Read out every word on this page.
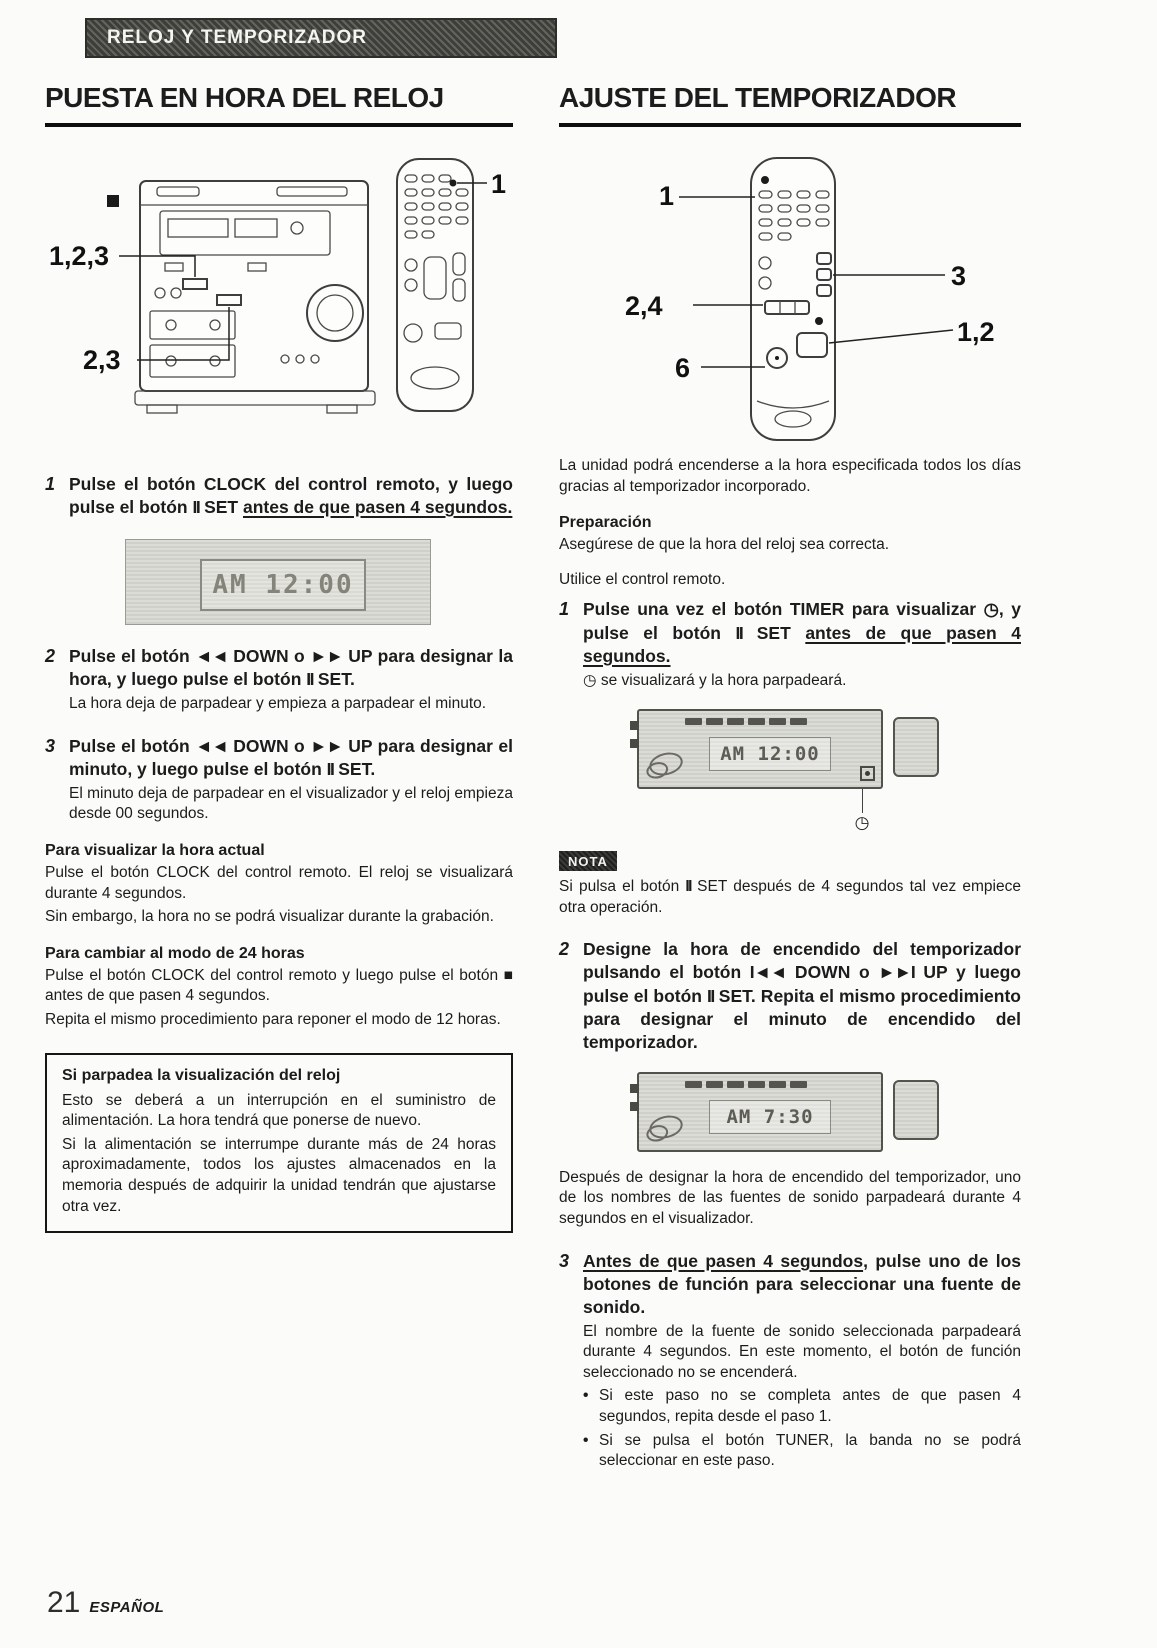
RELOJ Y TEMPORIZADOR
PUESTA EN HORA DEL RELOJ
1
1,2,3
2,3
1 Pulse el botón CLOCK del control remoto, y luego pulse el botón II SET antes de que pasen 4 segundos.
AM 12:00
2 Pulse el botón ◄◄ DOWN o ►► UP para designar la hora, y luego pulse el botón II SET.
La hora deja de parpadear y empieza a parpadear el minuto.
3 Pulse el botón ◄◄ DOWN o ►► UP para designar el minuto, y luego pulse el botón II SET.
El minuto deja de parpadear en el visualizador y el reloj empieza desde 00 segundos.
Para visualizar la hora actual

Pulse el botón CLOCK del control remoto. El reloj se visualizará durante 4 segundos.

Sin embargo, la hora no se podrá visualizar durante la grabación.

Para cambiar al modo de 24 horas

Pulse el botón CLOCK del control remoto y luego pulse el botón ■ antes de que pasen 4 segundos.

Repita el mismo procedimiento para reponer el modo de 12 horas.

Si parpadea la visualización del reloj

Esto se deberá a un interrupción en el suministro de alimentación. La hora tendrá que ponerse de nuevo.

Si la alimentación se interrumpe durante más de 24 horas aproximadamente, todos los ajustes almacenados en la memoria después de adquirir la unidad tendrán que ajustarse otra vez.

AJUSTE DEL TEMPORIZADOR
1
2,4
3
1,2
6

La unidad podrá encenderse a la hora especificada todos los días gracias al temporizador incorporado.

Preparación

Asegúrese de que la hora del reloj sea correcta.

Utilice el control remoto.

1 Pulse una vez el botón TIMER para visualizar ◷, y pulse el botón II SET antes de que pasen 4 segundos.
◷ se visualizará y la hora parpadeará.
AM 12:00
◷
NOTA

Si pulsa el botón II SET después de 4 segundos tal vez empiece otra operación.

2 Designe la hora de encendido del temporizador pulsando el botón I◄◄ DOWN o ►►I UP y luego pulse el botón II SET. Repita el mismo procedimiento para designar el minuto de encendido del temporizador.
AM 7:30

Después de designar la hora de encendido del temporizador, uno de los nombres de las fuentes de sonido parpadeará durante 4 segundos en el visualizador.

3 Antes de que pasen 4 segundos, pulse uno de los botones de función para seleccionar una fuente de sonido.
El nombre de la fuente de sonido seleccionada parpadeará durante 4 segundos. En este momento, el botón de función seleccionado no se encenderá.
• Si este paso no se completa antes de que pasen 4 segundos, repita desde el paso 1.
• Si se pulsa el botón TUNER, la banda no se podrá seleccionar en este paso.
21 ESPAÑOL
